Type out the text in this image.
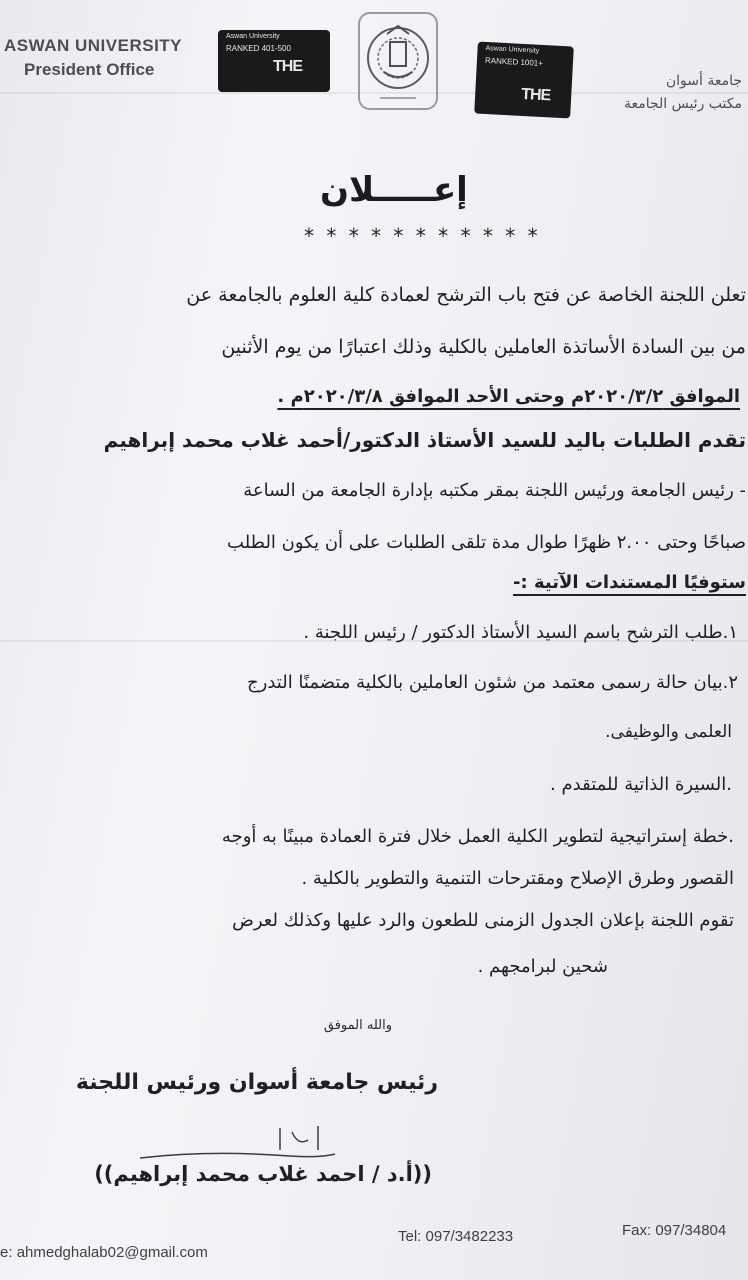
ASWAN UNIVERSITY
President Office
Aswan University
RANKED 401-500
THE
Aswan University
RANKED 1001+
THE
جامعة أسوان
مكتب رئيس الجامعة
إعـــــلان
* * * * * * * * * * *
تعلن اللجنة الخاصة عن فتح باب الترشح لعمادة كلية العلوم بالجامعة عن
من بين السادة الأساتذة العاملين بالكلية وذلك اعتبارًا من يوم الأثنين
الموافق ٢٠٢٠/٣/٢م وحتى الأحد الموافق ٢٠٢٠/٣/٨م .
تقدم الطلبات باليد للسيد الأستاذ الدكتور/أحمد غلاب محمد إبراهيم
- رئيس الجامعة ورئيس اللجنة بمقر مكتبه بإدارة الجامعة من الساعة
صباحًا وحتى ٢.٠٠ ظهرًا طوال مدة تلقى الطلبات على أن يكون الطلب
ستوفيًا المستندات الآتية :-
١.طلب الترشح باسم السيد الأستاذ الدكتور / رئيس اللجنة .
٢.بيان حالة رسمى معتمد من شئون العاملين بالكلية متضمنًا التدرج
العلمى والوظيفى.
.السيرة الذاتية للمتقدم .
.خطة إستراتيجية لتطوير الكلية العمل خلال فترة العمادة مبينًا به أوجه
القصور وطرق الإصلاح ومقترحات التنمية والتطوير بالكلية .
تقوم اللجنة بإعلان الجدول الزمنى للطعون والرد عليها وكذلك لعرض
شحين لبرامجهم .
والله الموفق
رئيس جامعة أسوان ورئيس اللجنة
((أ.د / احمد غلاب محمد إبراهيم))
Tel: 097/3482233	Fax: 097/34804
e: ahmedghalab02@gmail.com
